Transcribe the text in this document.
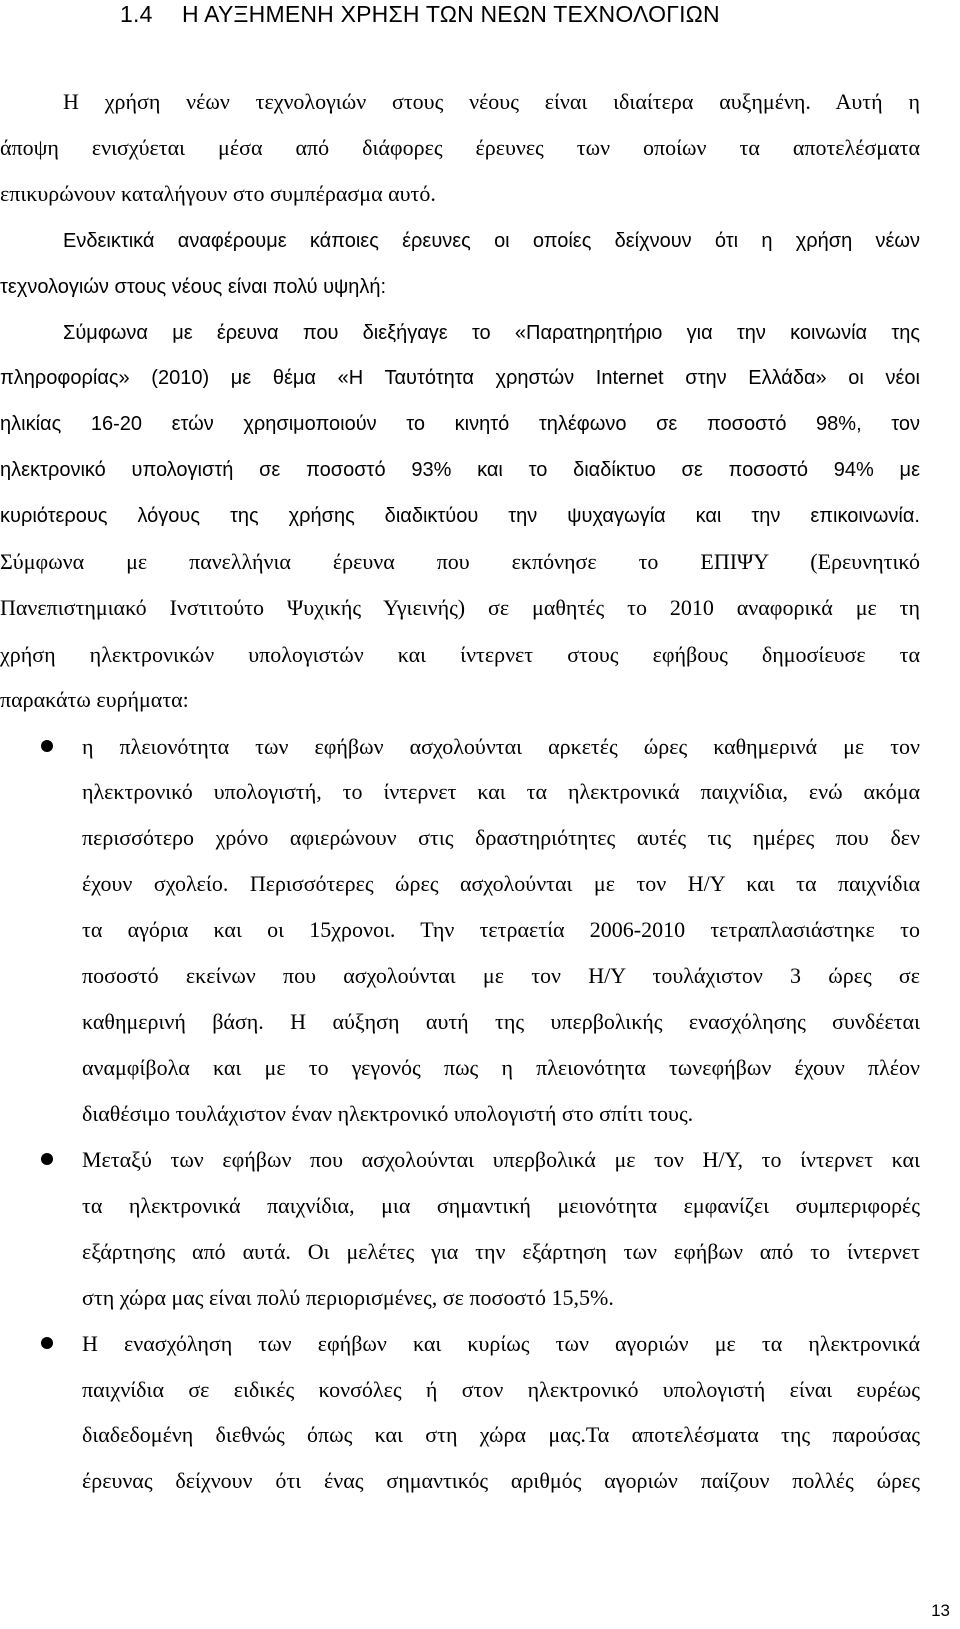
1.4 Η ΑΥΞΗΜΕΝΗ ΧΡΗΣΗ ΤΩΝ ΝΕΩΝ ΤΕΧΝΟΛΟΓΙΩΝ
Η χρήση νέων τεχνολογιών στους νέους είναι ιδιαίτερα αυξημένη. Αυτή η
άποψη ενισχύεται μέσα από διάφορες έρευνες των οποίων τα αποτελέσματα
επικυρώνουν καταλήγουν στο συμπέρασμα αυτό.
Ενδεικτικά αναφέρουμε κάποιες έρευνες οι οποίες δείχνουν ότι η χρήση νέων
τεχνολογιών στους νέους είναι πολύ υψηλή:
Σύμφωνα με έρευνα που διεξήγαγε το «Παρατηρητήριο για την κοινωνία της
πληροφορίας» (2010) με θέμα «Η Ταυτότητα χρηστών Internet στην Ελλάδα» οι νέοι
ηλικίας 16-20 ετών χρησιμοποιούν το κινητό τηλέφωνο σε ποσοστό 98%, τον
ηλεκτρονικό υπολογιστή σε ποσοστό 93% και το διαδίκτυο σε ποσοστό 94% με
κυριότερους λόγους της χρήσης διαδικτύου την ψυχαγωγία και την επικοινωνία.
Σύμφωνα με πανελλήνια έρευνα που εκπόνησε το ΕΠΙΨΥ (Ερευνητικό
Πανεπιστημιακό Ινστιτούτο Ψυχικής Υγιεινής) σε μαθητές το 2010 αναφορικά με τη
χρήση ηλεκτρονικών υπολογιστών και ίντερνετ στους εφήβους δημοσίευσε τα
παρακάτω ευρήματα:
η πλειονότητα των εφήβων ασχολούνται αρκετές ώρες καθημερινά με τον
ηλεκτρονικό υπολογιστή, το ίντερνετ και τα ηλεκτρονικά παιχνίδια, ενώ ακόμα
περισσότερο χρόνο αφιερώνουν στις δραστηριότητες αυτές τις ημέρες που δεν
έχουν σχολείο. Περισσότερες ώρες ασχολούνται με τον Η/Υ και τα παιχνίδια
τα αγόρια και οι 15χρονοι. Την τετραετία 2006-2010 τετραπλασιάστηκε το
ποσοστό εκείνων που ασχολούνται με τον Η/Υ τουλάχιστον 3 ώρες σε
καθημερινή βάση. Η αύξηση αυτή της υπερβολικής ενασχόλησης συνδέεται
αναμφίβολα και με το γεγονός πως η πλειονότητα τωνεφήβων έχουν πλέον
διαθέσιμο τουλάχιστον έναν ηλεκτρονικό υπολογιστή στο σπίτι τους.
Μεταξύ των εφήβων που ασχολούνται υπερβολικά με τον Η/Υ, το ίντερνετ και
τα ηλεκτρονικά παιχνίδια, μια σημαντική μειονότητα εμφανίζει συμπεριφορές
εξάρτησης από αυτά. Οι μελέτες για την εξάρτηση των εφήβων από το ίντερνετ
στη χώρα μας είναι πολύ περιορισμένες, σε ποσοστό 15,5%.
Η ενασχόληση των εφήβων και κυρίως των αγοριών με τα ηλεκτρονικά
παιχνίδια σε ειδικές κονσόλες ή στον ηλεκτρονικό υπολογιστή είναι ευρέως
διαδεδομένη διεθνώς όπως και στη χώρα μας.Τα αποτελέσματα της παρούσας
έρευνας δείχνουν ότι ένας σημαντικός αριθμός αγοριών παίζουν πολλές ώρες
13
